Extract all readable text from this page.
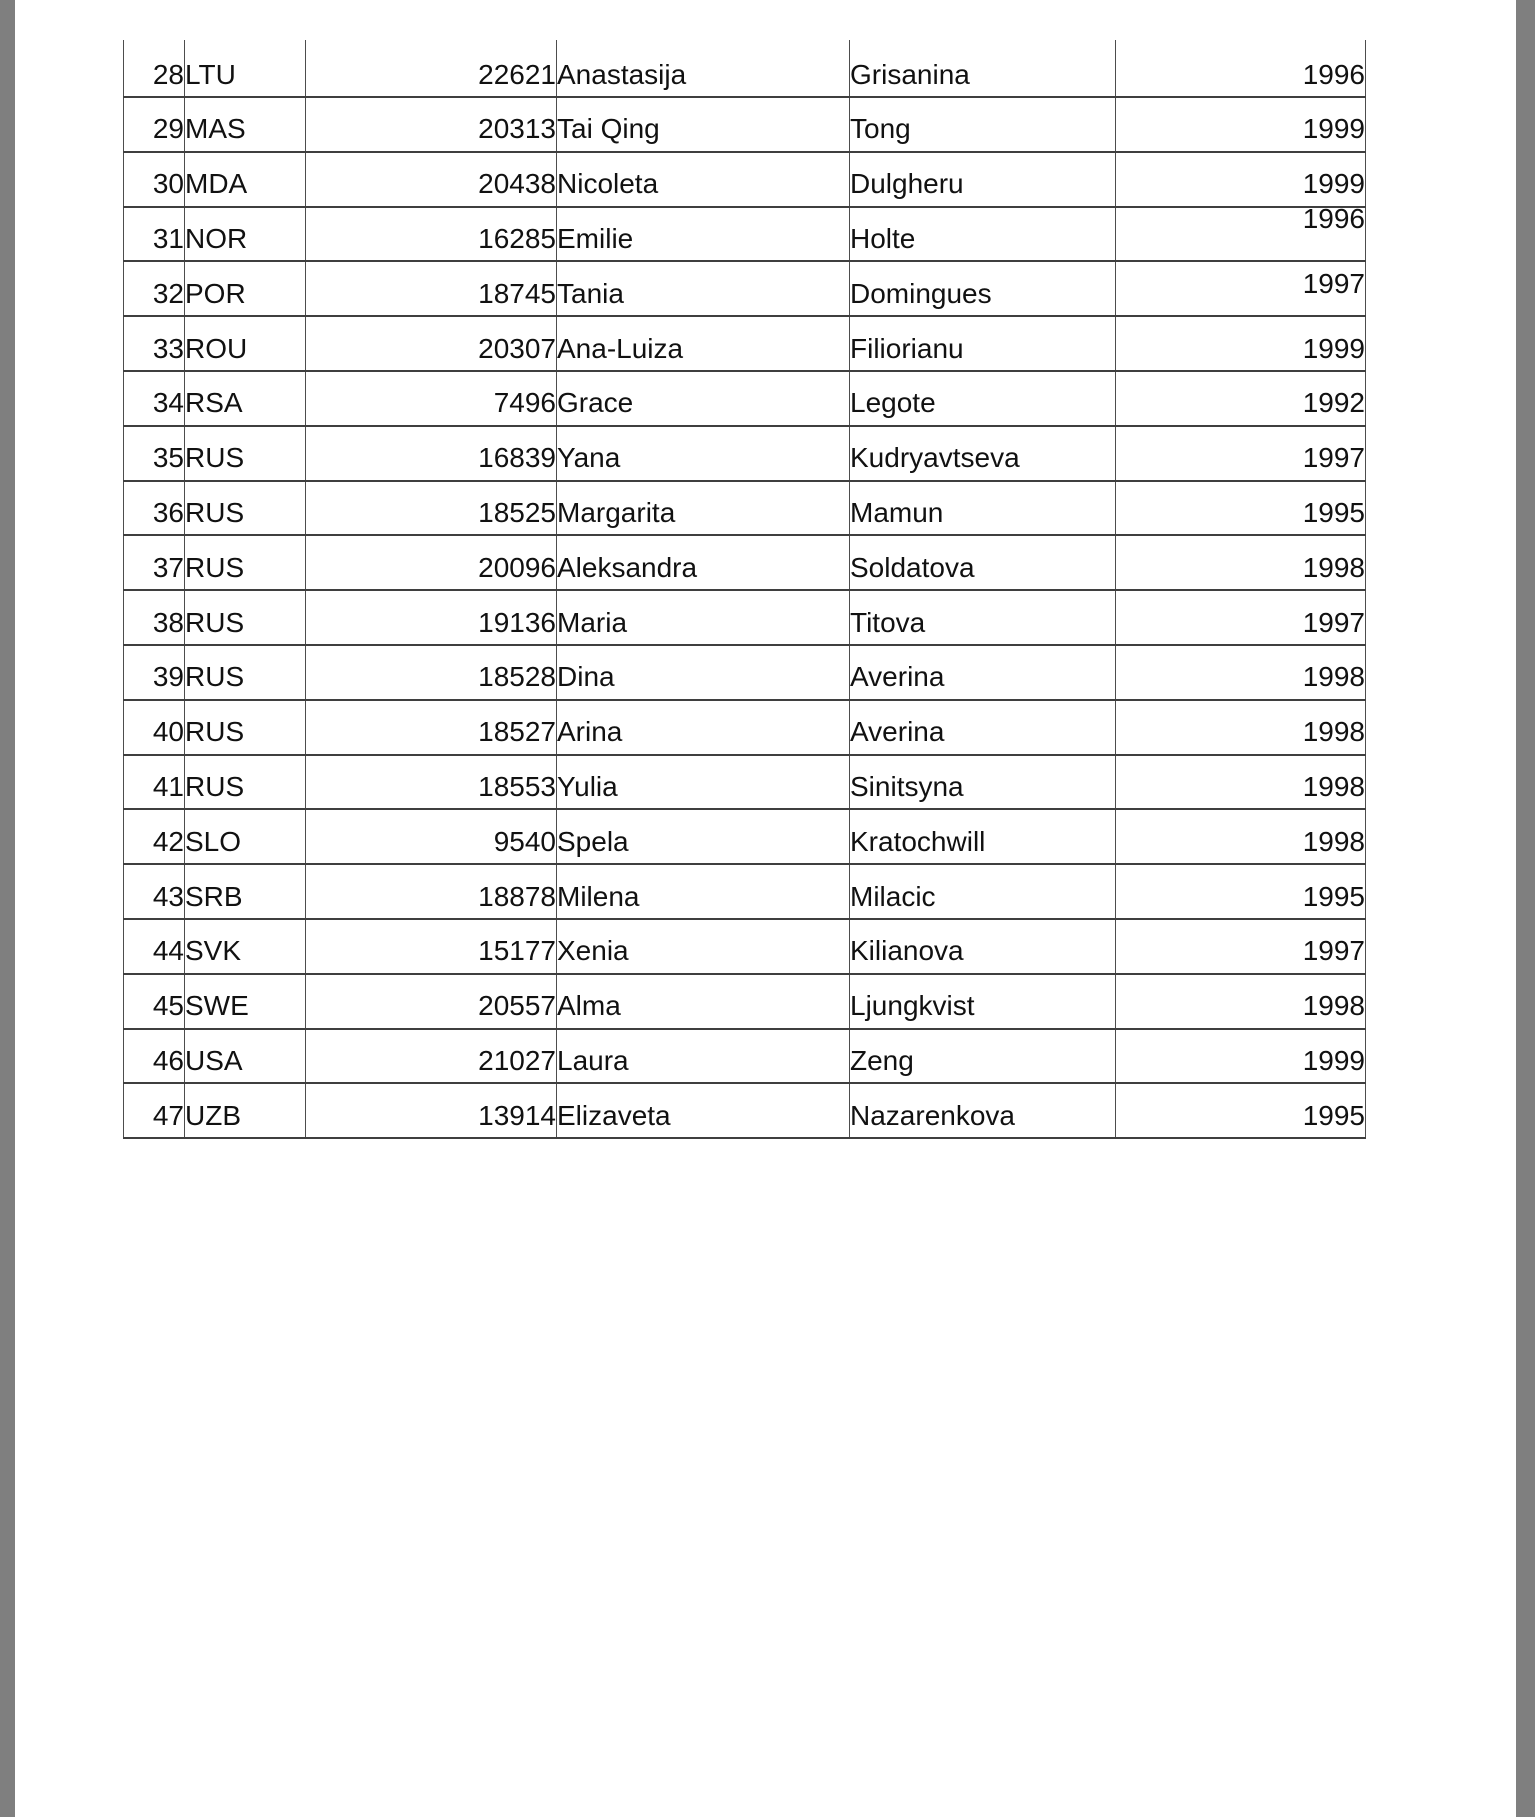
28	LTU	22621	Anastasija	Grisanina	1996
29	MAS	20313	Tai Qing	Tong	1999
30	MDA	20438	Nicoleta	Dulgheru	1999
31	NOR	16285	Emilie	Holte	1996
32	POR	18745	Tania	Domingues	1997
33	ROU	20307	Ana-Luiza	Filiorianu	1999
34	RSA	7496	Grace	Legote	1992
35	RUS	16839	Yana	Kudryavtseva	1997
36	RUS	18525	Margarita	Mamun	1995
37	RUS	20096	Aleksandra	Soldatova	1998
38	RUS	19136	Maria	Titova	1997
39	RUS	18528	Dina	Averina	1998
40	RUS	18527	Arina	Averina	1998
41	RUS	18553	Yulia	Sinitsyna	1998
42	SLO	9540	Spela	Kratochwill	1998
43	SRB	18878	Milena	Milacic	1995
44	SVK	15177	Xenia	Kilianova	1997
45	SWE	20557	Alma	Ljungkvist	1998
46	USA	21027	Laura	Zeng	1999
47	UZB	13914	Elizaveta	Nazarenkova	1995
